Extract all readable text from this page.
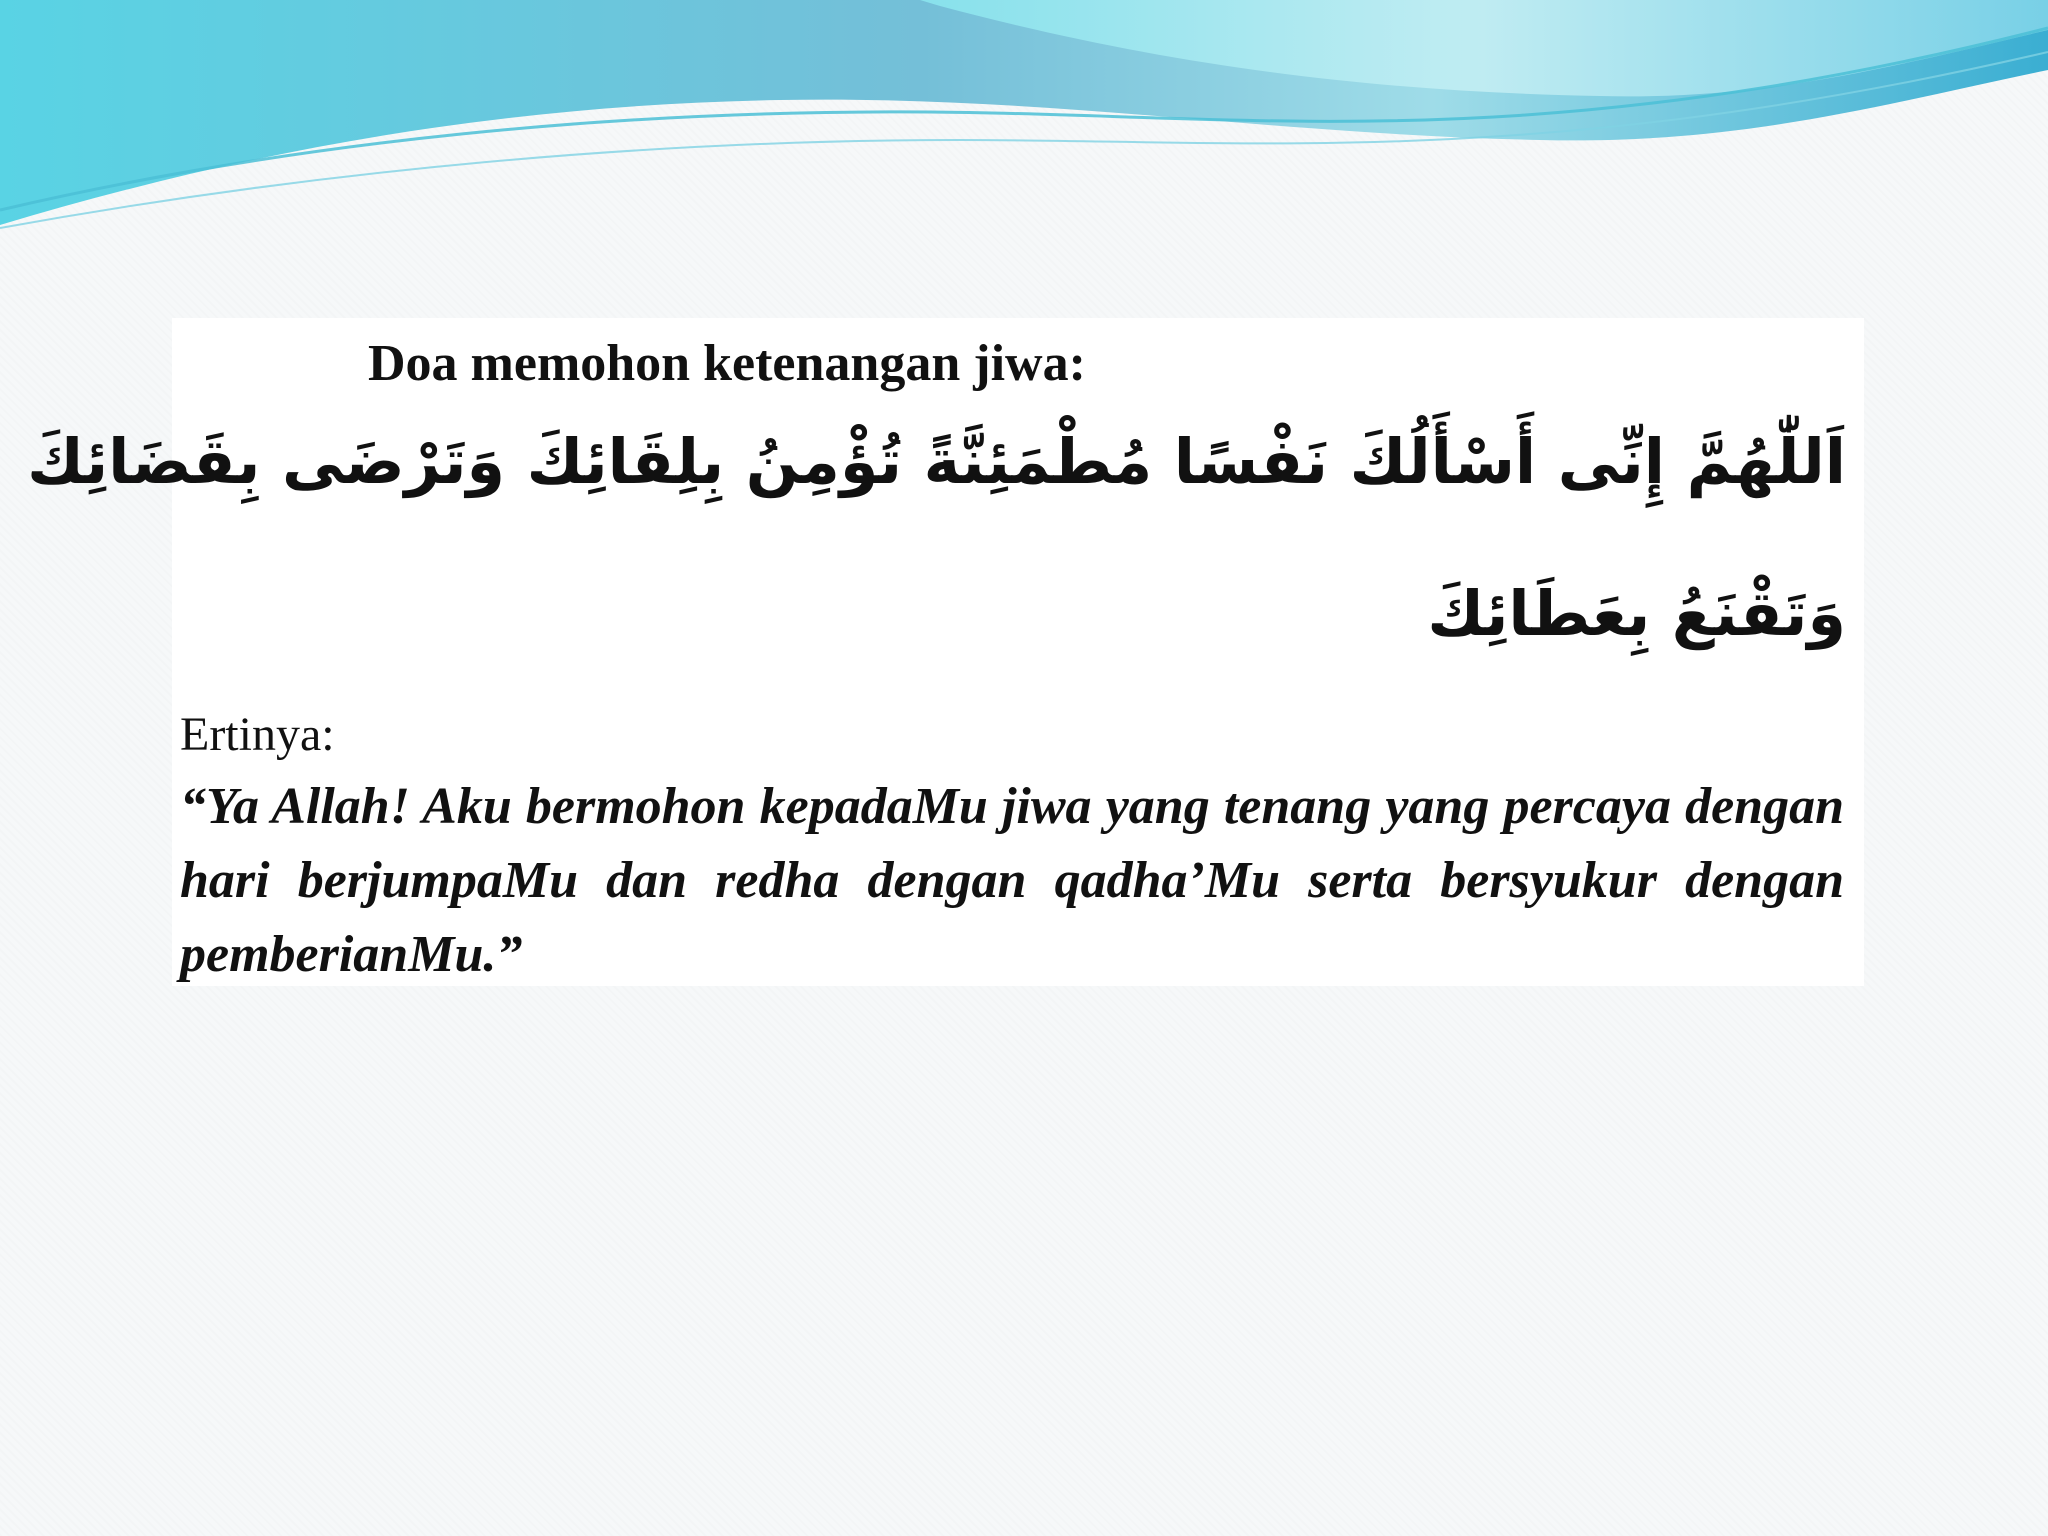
Doa memohon ketenangan jiwa:

اَللّٰهُمَّ إِنِّى أَسْأَلُكَ نَفْسًا مُطْمَئِنَّةً تُؤْمِنُ بِلِقَائِكَ وَتَرْضَى بِقَضَائِكَ

وَتَقْنَعُ بِعَطَائِكَ

Ertinya:

“Ya Allah! Aku bermohon kepadaMu jiwa yang tenang yang percaya dengan hari berjumpaMu dan redha dengan qadha’Mu serta bersyukur dengan pemberianMu.”
